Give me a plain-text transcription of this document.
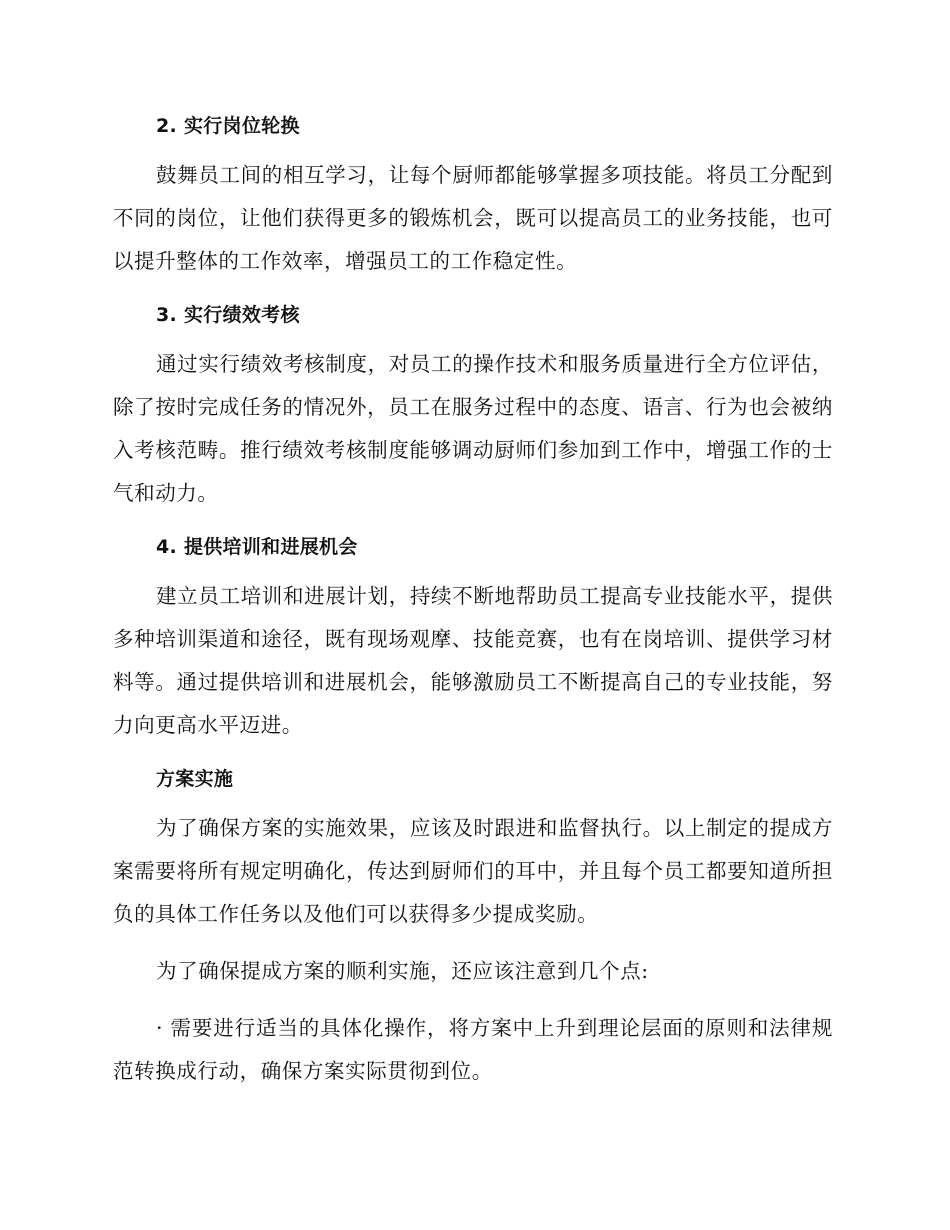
2. 实行岗位轮换

鼓舞员工间的相互学习，让每个厨师都能够掌握多项技能。将员工分配到不同的岗位，让他们获得更多的锻炼机会，既可以提高员工的业务技能，也可以提升整体的工作效率，增强员工的工作稳定性。

3. 实行绩效考核

通过实行绩效考核制度，对员工的操作技术和服务质量进行全方位评估，除了按时完成任务的情况外，员工在服务过程中的态度、语言、行为也会被纳入考核范畴。推行绩效考核制度能够调动厨师们参加到工作中，增强工作的士气和动力。

4. 提供培训和进展机会

建立员工培训和进展计划，持续不断地帮助员工提高专业技能水平，提供多种培训渠道和途径，既有现场观摩、技能竞赛，也有在岗培训、提供学习材料等。通过提供培训和进展机会，能够激励员工不断提高自己的专业技能，努力向更高水平迈进。

方案实施

为了确保方案的实施效果，应该及时跟进和监督执行。以上制定的提成方案需要将所有规定明确化，传达到厨师们的耳中，并且每个员工都要知道所担负的具体工作任务以及他们可以获得多少提成奖励。

为了确保提成方案的顺利实施，还应该注意到几个点:

· 需要进行适当的具体化操作，将方案中上升到理论层面的原则和法律规范转换成行动，确保方案实际贯彻到位。
